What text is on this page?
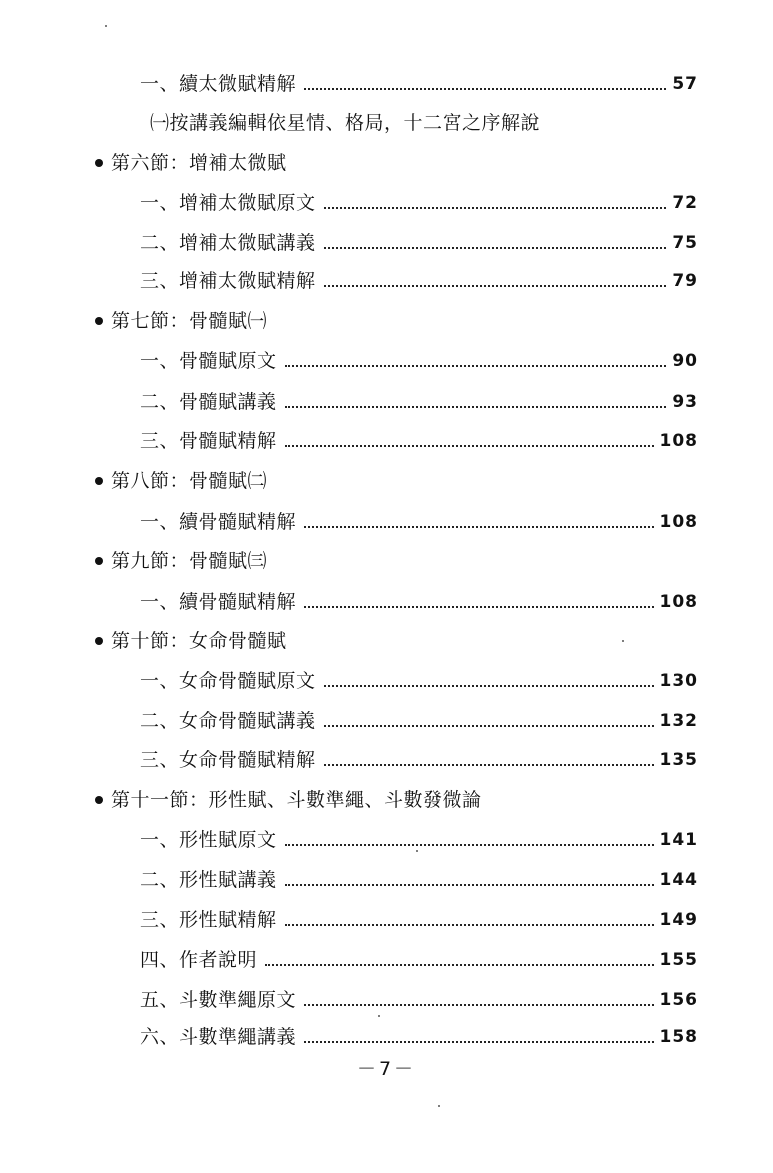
一、續太微賦精解	57
㈠按講義編輯依星情、格局，十二宮之序解說
第六節：增補太微賦
一、增補太微賦原文	72
二、增補太微賦講義	75
三、增補太微賦精解	79
第七節：骨髓賦㈠
一、骨髓賦原文	90
二、骨髓賦講義	93
三、骨髓賦精解	108
第八節：骨髓賦㈡
一、續骨髓賦精解	108
第九節：骨髓賦㈢
一、續骨髓賦精解	108
第十節：女命骨髓賦
一、女命骨髓賦原文	130
二、女命骨髓賦講義	132
三、女命骨髓賦精解	135
第十一節：形性賦、斗數準繩、斗數發微論
一、形性賦原文	141
二、形性賦講義	144
三、形性賦精解	149
四、作者說明	155
五、斗數準繩原文	156
六、斗數準繩講義	158
－7－
